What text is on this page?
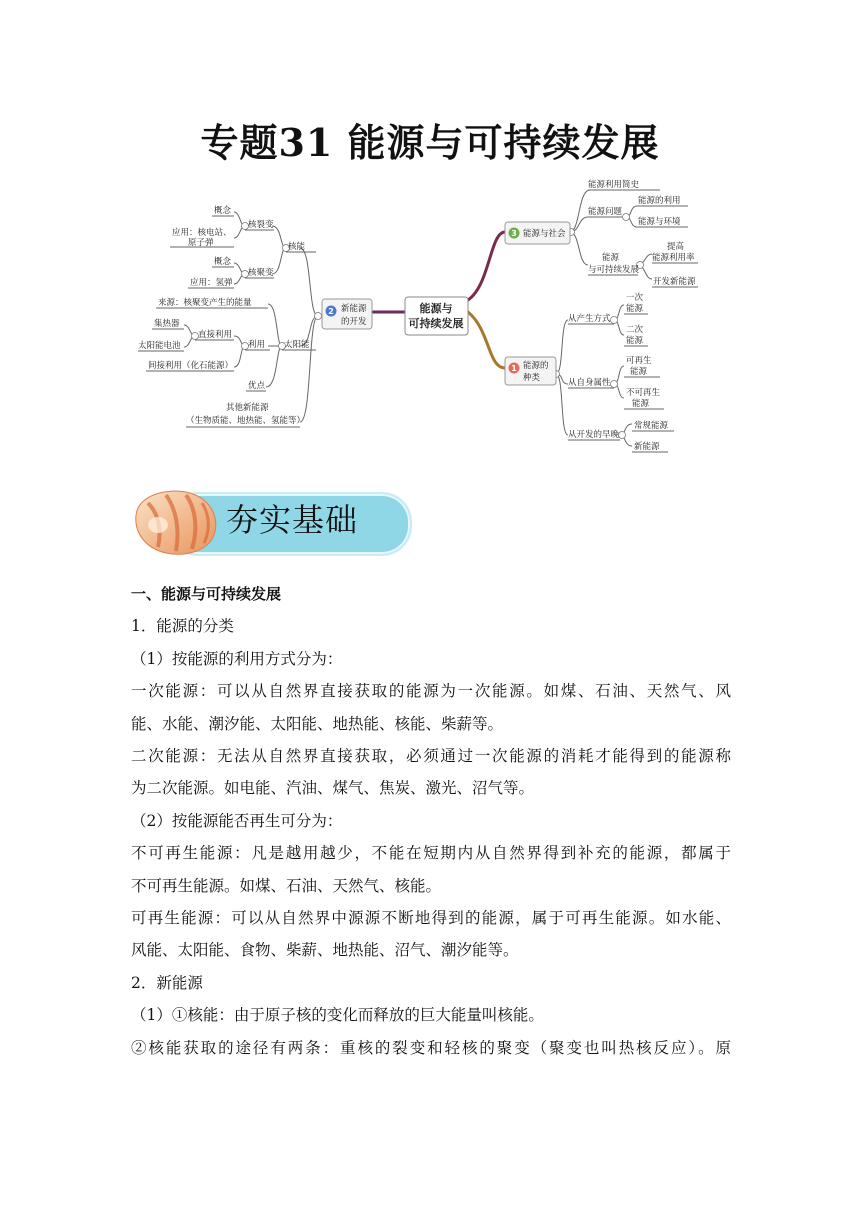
专题31 能源与可持续发展
能源与
可持续发展
3 能源与社会
1 能源的
种类
2 新能源
的开发
能源利用简史
能源问题
能源的利用
能源与环境
能源
与可持续发展
提高
能源利用率
开发新能源
从产生方式
一次
能源
二次
能源
从自身属性
可再生
能源
不可再生
能源
从开发的早晚
常规能源
新能源
核能
核裂变
概念
应用：核电站、
原子弹
核聚变
概念
应用：氢弹
太阳能
来源：核聚变产生的能量
利用
直接利用
集热器
太阳能电池
间接利用（化石能源）
优点
其他新能源
（生物质能、地热能、氢能等）
夯实基础

一、能源与可持续发展

1．能源的分类

（1）按能源的利用方式分为：

一次能源：可以从自然界直接获取的能源为一次能源。如煤、石油、天然气、风

能、水能、潮汐能、太阳能、地热能、核能、柴薪等。

二次能源：无法从自然界直接获取，必须通过一次能源的消耗才能得到的能源称

为二次能源。如电能、汽油、煤气、焦炭、激光、沼气等。

（2）按能源能否再生可分为：

不可再生能源：凡是越用越少，不能在短期内从自然界得到补充的能源，都属于

不可再生能源。如煤、石油、天然气、核能。

可再生能源：可以从自然界中源源不断地得到的能源，属于可再生能源。如水能、

风能、太阳能、食物、柴薪、地热能、沼气、潮汐能等。

2．新能源

（1）①核能：由于原子核的变化而释放的巨大能量叫核能。

②核能获取的途径有两条：重核的裂变和轻核的聚变（聚变也叫热核反应）。原
